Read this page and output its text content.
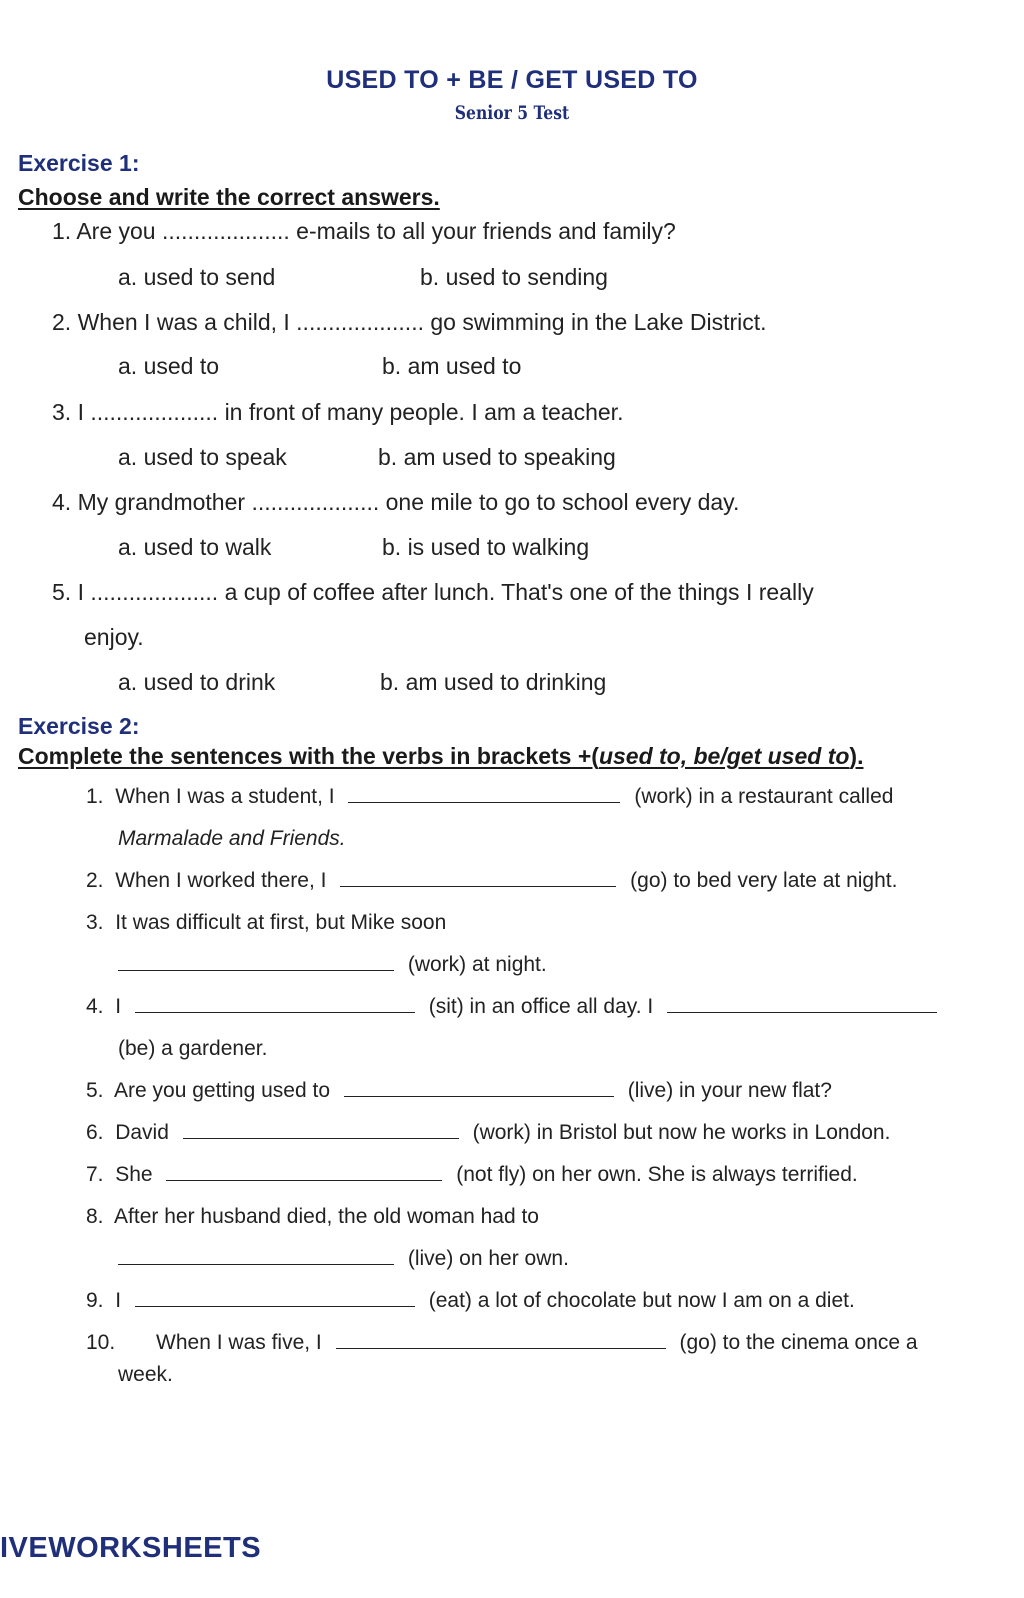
USED TO + BE / GET USED TO
Senior 5 Test
Exercise 1:
Choose and write the correct answers.
1. Are you .................... e-mails to all your friends and family?
a. used to send	b. used to sending
2. When I was a child, I .................... go swimming in the Lake District.
a. used to	b. am used to
3. I .................... in front of many people. I am a teacher.
a. used to speak	b. am used to speaking
4. My grandmother .................... one mile to go to school every day.
a. used to walk	b. is used to walking
5. I .................... a cup of coffee after lunch. That's one of the things I really
enjoy.
a. used to drink	b. am used to drinking
Exercise 2:
Complete the sentences with the verbs in brackets +(used to, be/get used to).
1. When I was a student, I	(work) in a restaurant called
Marmalade and Friends.
2. When I worked there, I	(go) to bed very late at night.
3. It was difficult at first, but Mike soon
(work) at night.
4. I	(sit) in an office all day. I
(be) a gardener.
5. Are you getting used to	(live) in your new flat?
6. David	(work) in Bristol but now he works in London.
7. She	(not fly) on her own. She is always terrified.
8. After her husband died, the old woman had to
(live) on her own.
9. I	(eat) a lot of chocolate but now I am on a diet.
10. When I was five, I	(go) to the cinema once a
week.
IVEWORKSHEETS
